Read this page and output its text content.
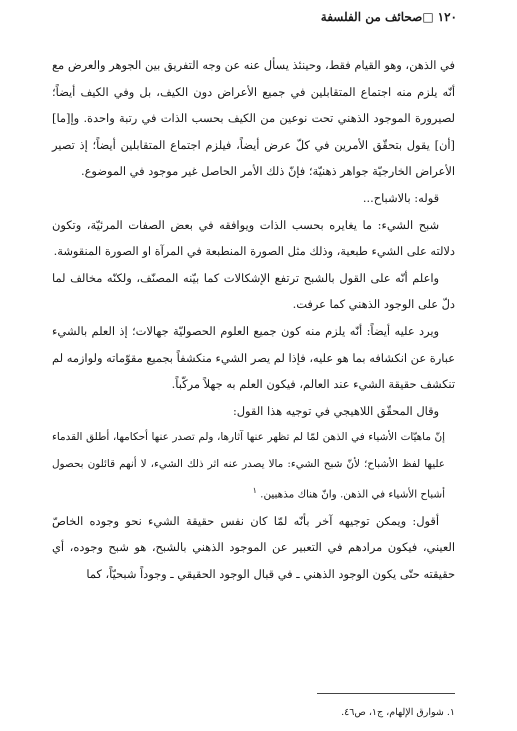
١٢٠□صحائف من الفلسفة

في الذهن، وهو القيام فقط، وحينئذ يسأل عنه عن وجه التفريق بين الجوهر والعرض مع أنّه يلزم منه اجتماع المتقابلين في جميع الأعراض دون الكيف، بل وفي الكيف أيضاً؛ لصيرورة الموجود الذهني تحت نوعين من الكيف بحسب الذات في رتبة واحدة. وإ[ما] [أن] يقول بتحقّق الأمرين في كلّ عرض أيضاً، فيلزم اجتماع المتقابلين أيضاً؛ إذ تصير الأعراض الخارجيّة جواهر ذهنيّة؛ فإنّ ذلك الأمر الحاصل غير موجود في الموضوع.

قوله: بالاشباح...

شبح الشيء: ما يغايره بحسب الذات ويوافقه في بعض الصفات المرئيّة، وتكون دلالته على الشيء طبعية، وذلك مثل الصورة المنطبعة في المرآة او الصورة المنقوشة.

واعلم أنّه على القول بالشبح ترتفع الإشكالات كما بيّنه المصنّف، ولكنّه مخالف لما دلّ على الوجود الذهني كما عرفت.

ويرد عليه أيضاً: أنّه يلزم منه كون جميع العلوم الحصوليّة جهالات؛ إذ العلم بالشيء عبارة عن انكشافه بما هو عليه، فإذا لم يصر الشيء منكشفاً بجميع مقوّماته ولوازمه لم تنكشف حقيقة الشيء عند العالم، فيكون العلم به جهلاً مركّباً.

وقال المحقّق اللاهيجي في توجيه هذا القول:

إنّ ماهيّات الأشياء في الذهن لمّا لم تظهر عنها آثارها، ولم تصدر عنها أحكامها، أطلق القدماء عليها لفظ الأشباح؛ لأنّ شبح الشيء: مالا يصدر عنه اثر ذلك الشيء، لا أنهم قائلون بحصول أشباح الأشياء في الذهن. وانّ هناك مذهبين. $^١$

أقول: ويمكن توجيهه آخر بأنّه لمّا كان نفس حقيقة الشيء نحو وجوده الخاصّ العيني، فيكون مرادهم في التعبير عن الموجود الذهني بالشبح، هو شبح وجوده، أي حقيقته حتّى يكون الوجود الذهني ـ في قبال الوجود الحقيقي ـ وجوداً شبحيّاً، كما

١. شوارق الإلهام، ج١، ص٤٦.
